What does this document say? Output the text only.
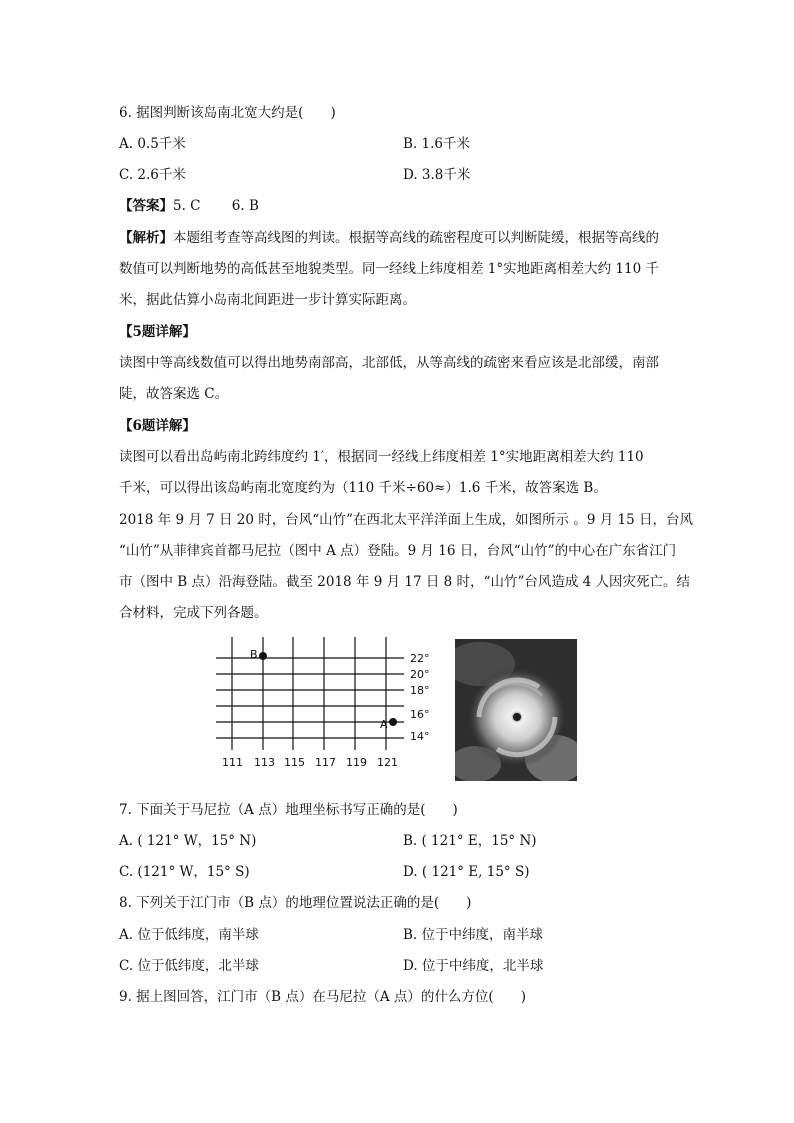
6. 据图判断该岛南北宽大约是(　　)
A. 0.5千米	B. 1.6千米
C. 2.6千米	D. 3.8千米
【答案】5. C　　 6. B
【解析】本题组考查等高线图的判读。根据等高线的疏密程度可以判断陡缓，根据等高线的
数值可以判断地势的高低甚至地貌类型。同一经线上纬度相差 1°实地距离相差大约 110 千
米，据此估算小岛南北间距进一步计算实际距离。
【5题详解】
读图中等高线数值可以得出地势南部高，北部低，从等高线的疏密来看应该是北部缓，南部
陡，故答案选 C。
【6题详解】
读图可以看出岛屿南北跨纬度约 1′，根据同一经线上纬度相差 1°实地距离相差大约 110
千米，可以得出该岛屿南北宽度约为（110 千米÷60≈）1.6 千米，故答案选 B。
2018 年 9 月 7 日 20 时，台风“山竹”在西北太平洋洋面上生成，如图所示 。9 月 15 日，台风
“山竹”从菲律宾首都马尼拉（图中 A 点）登陆。9 月 16 日，台风“山竹”的中心在广东省江门
市（图中 B 点）沿海登陆。截至 2018 年 9 月 17 日 8 时，“山竹”台风造成 4 人因灾死亡。结
合材料，完成下列各题。
22°
20°
18°
16°
14°
111 113 115 117 119 121
B
A
7. 下面关于马尼拉（A 点）地理坐标书写正确的是(　　)
A. ( 121° W，15° N)	B. ( 121° E，15° N)
C. (121° W，15° S)	D. ( 121° E, 15° S)
8. 下列关于江门市（B 点）的地理位置说法正确的是(　　)
A. 位于低纬度，南半球	B. 位于中纬度，南半球
C. 位于低纬度，北半球	D. 位于中纬度，北半球
9. 据上图回答，江门市（B 点）在马尼拉（A 点）的什么方位(　　)
